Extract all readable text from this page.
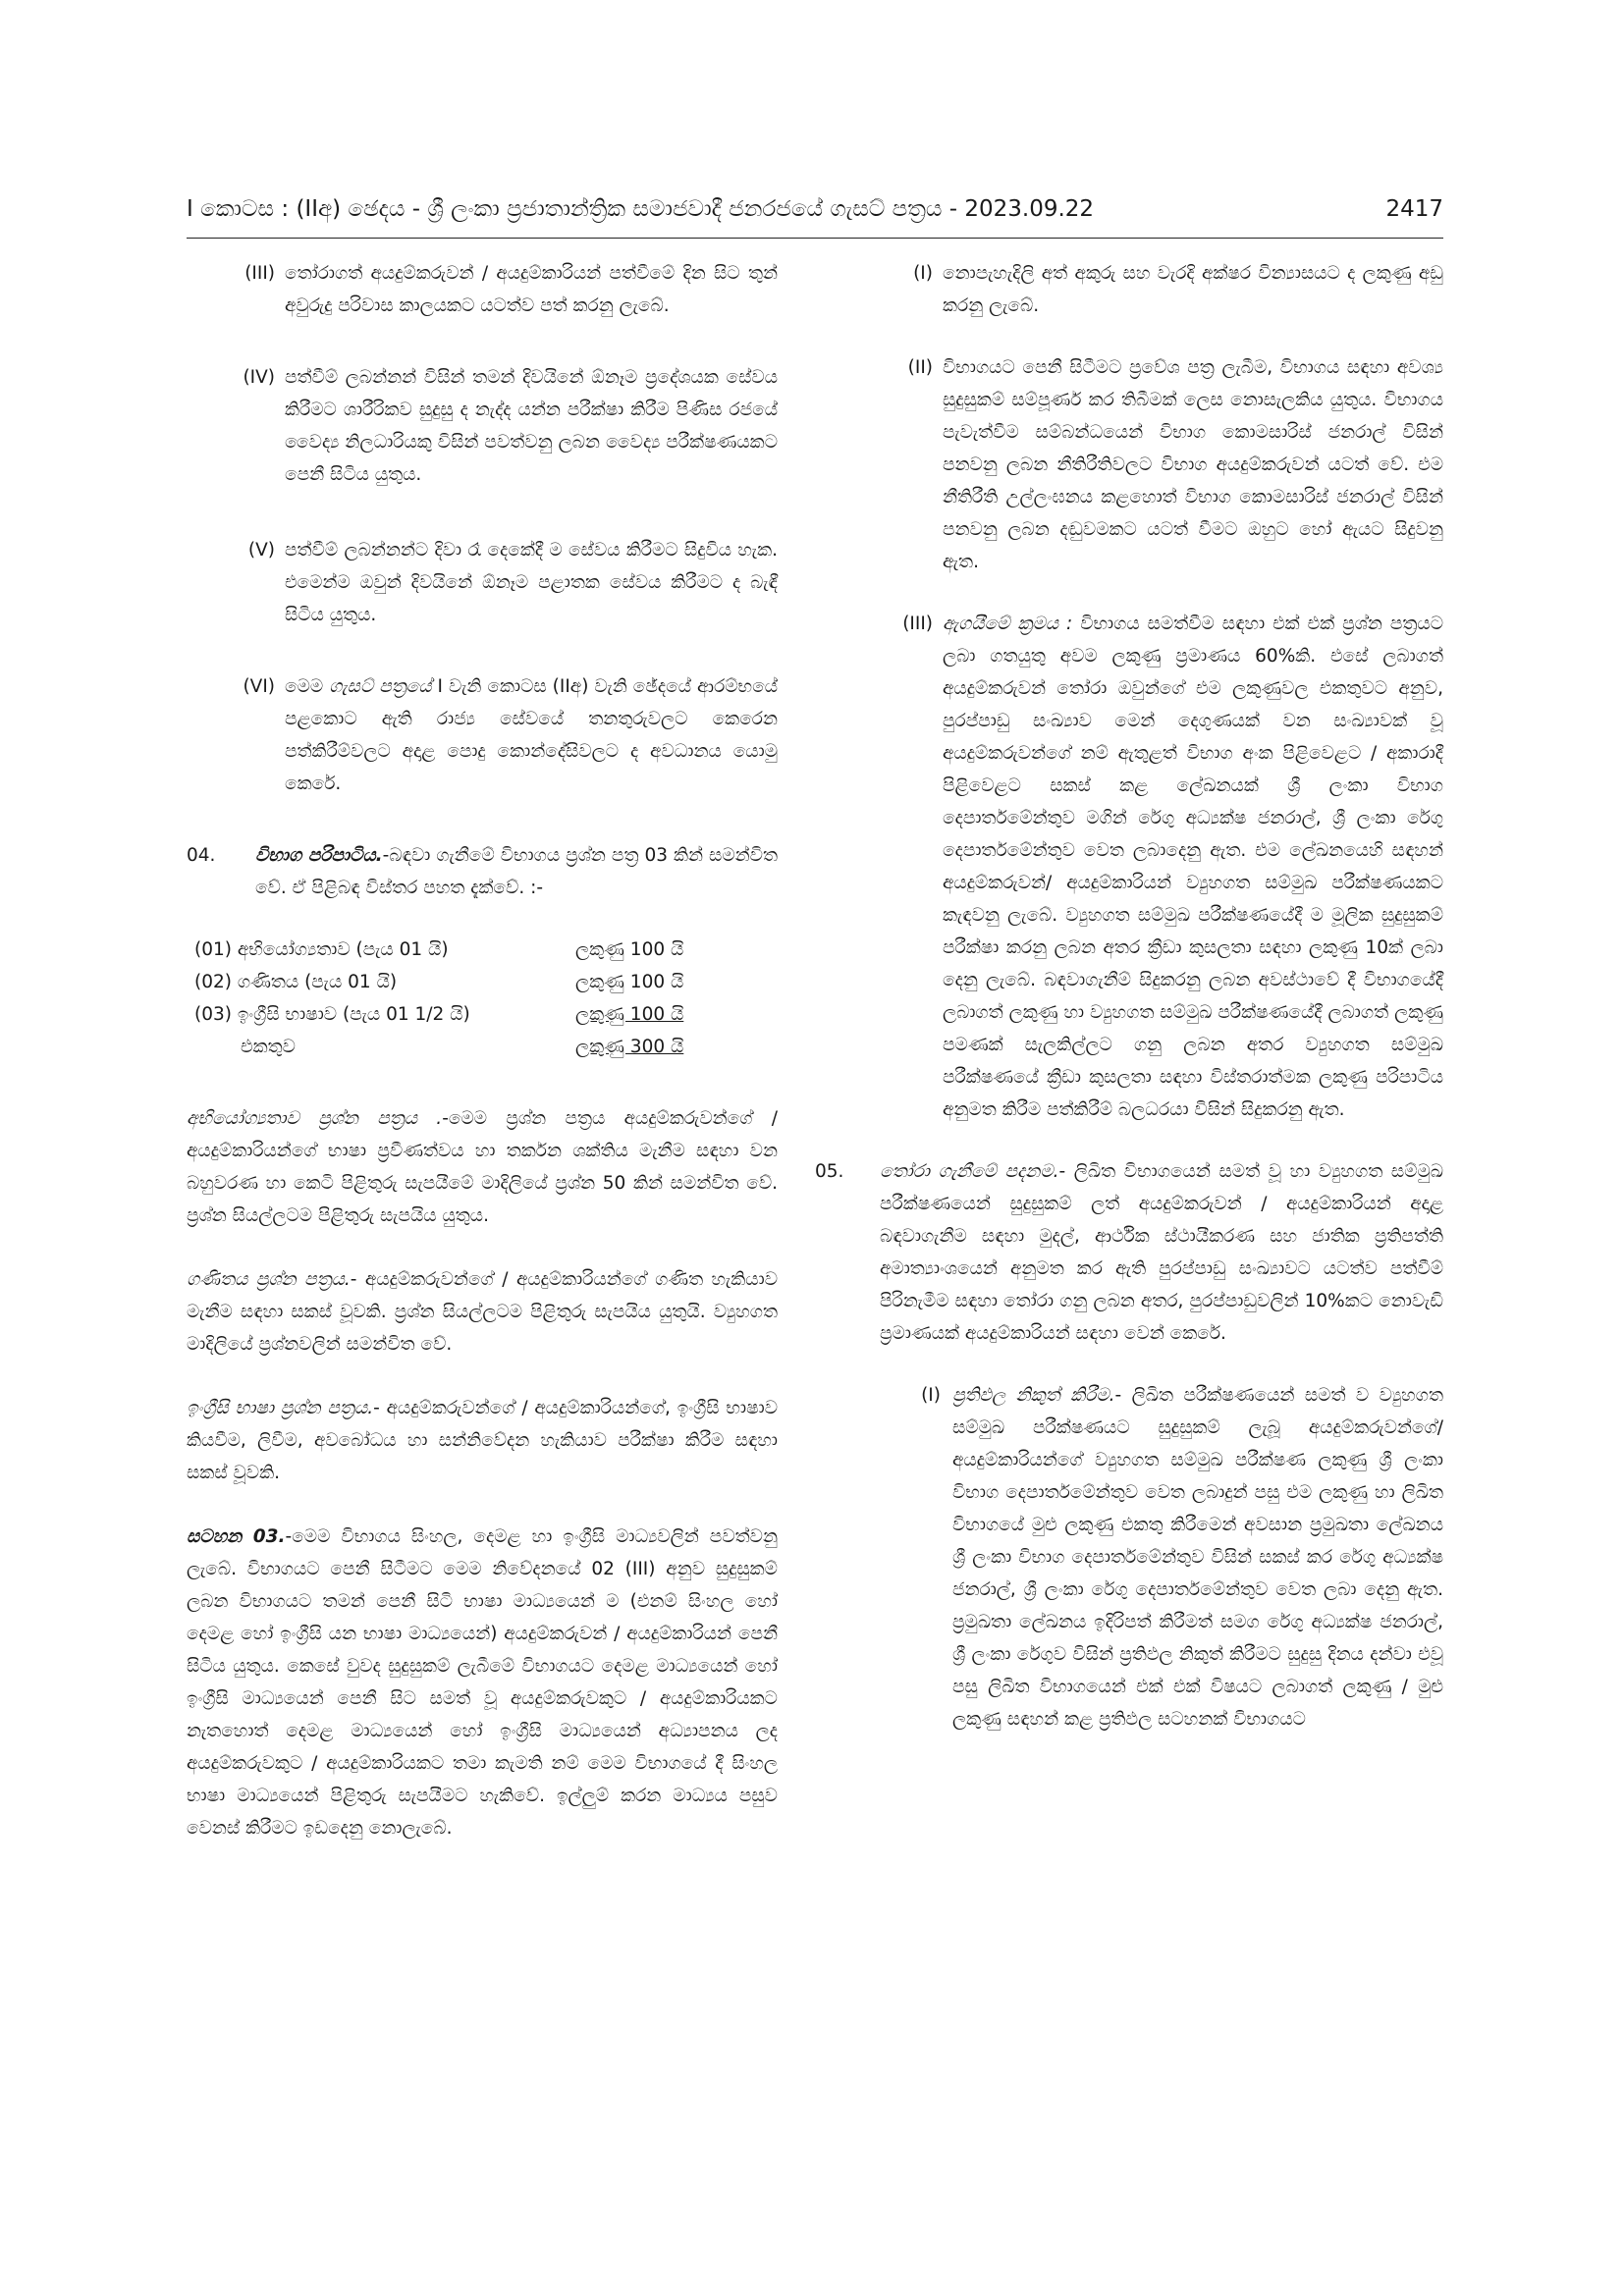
I කොටස : (IIඅ) ඡෙදය - ශ්‍රී ලංකා ප්‍රජාතාන්ත්‍රික සමාජවාදී ජනරජයේ ගැසට් පත්‍රය - 2023.09.22	2417
(III) තෝරාගත් අයදුම්කරුවන් / අයදුම්කාරියන් පත්වීමේ දින සිට තුන් අවුරුදු පරිවාස කාලයකට යටත්ව පත් කරනු ලැබේ.
(IV) පත්වීම් ලබන්නන් විසින් තමන් දිවයිනේ ඕනෑම ප්‍රදේශයක සේවය කිරීමට ශාරීරිකව සුදුසු ද නැද්ද යන්න පරීක්ෂා කිරීම පිණිස රජයේ වෛද්‍ය නිලධාරියකු විසින් පවත්වනු ලබන වෛද්‍ය පරීක්ෂණයකට පෙනී සිටිය යුතුය.
(V) පත්වීම් ලබන්නන්ට දිවා රෑ දෙකේදී ම සේවය කිරීමට සිදුවිය හැක. එමෙන්ම ඔවුන් දිවයිනේ ඕනෑම පළාතක සේවය කිරීමට ද බැඳී සිටිය යුතුය.
(VI) මෙම ගැසට් පත්‍රයේ I වැනි කොටස (IIඅ) වැනි ඡේදයේ ආරම්භයේ පළකොට ඇති රාජ්‍ය සේවයේ තනතුරුවලට කෙරෙන පත්කිරීම්වලට අදාළ පොදු කොන්දේසිවලට ද අවධානය යොමු කෙරේ.
04.	විභාග පරිපාටිය.-බඳවා ගැනීමේ විභාගය ප්‍රශ්න පත්‍ර 03 කින් සමන්විත වේ. ඒ පිළිබඳ විස්තර පහත දැක්වේ. :-
(01) අභියෝග්‍යතාව (පැය 01 යි)	ලකුණු 100 යි
(02) ගණිතය (පැය 01 යි)	ලකුණු 100 යි
(03) ඉංග්‍රීසි භාෂාව (පැය 01 1/2 යි)	ලකුණු 100 යි
එකතුව	ලකුණු 300 යි
අභියෝග්‍යතාව ප්‍රශ්න පත්‍රය .-මෙම ප්‍රශ්න පත්‍රය අයදුම්කරුවන්ගේ / අයදුම්කාරියන්ගේ භාෂා ප්‍රවීණත්වය හා තර්කන ශක්තිය මැනීම සඳහා වන බහුවරණ හා කෙටි පිළිතුරු සැපයීමේ මාදිලියේ ප්‍රශ්න 50 කින් සමන්විත වේ. ප්‍රශ්න සියල්ලටම පිළිතුරු සැපයිය යුතුය.
ගණිතය ප්‍රශ්න පත්‍රය.- අයදුම්කරුවන්ගේ / අයදුම්කාරියන්ගේ ගණිත හැකියාව මැනීම සඳහා සකස් වූවකි. ප්‍රශ්න සියල්ලටම පිළිතුරු සැපයිය යුතුයි. ව්‍යුහගත මාදිලියේ ප්‍රශ්නවලින් සමන්විත වේ.
ඉංග්‍රීසි භාෂා ප්‍රශ්න පත්‍රය.- අයදුම්කරුවන්ගේ / අයදුම්කාරියන්ගේ, ඉංග්‍රීසි භාෂාව කියවීම, ලිවීම, අවබෝධය හා සන්නිවේදන හැකියාව පරීක්ෂා කිරීම සඳහා සකස් වූවකි.
සටහන 03.-මෙම විභාගය සිංහල, දෙමළ හා ඉංග්‍රීසි මාධ්‍යවලින් පවත්වනු ලැබේ. විභාගයට පෙනී සිටීමට මෙම නිවේදනයේ 02 (III) අනුව සුදුසුකම් ලබන විභාගයට තමන් පෙනී සිටි භාෂා මාධ්‍යයෙන් ම (එනම් සිංහල හෝ දෙමළ හෝ ඉංග්‍රීසි යන භාෂා මාධ්‍යයෙන්) අයදුම්කරුවන් / අයදුම්කාරියන් පෙනී සිටිය යුතුය. කෙසේ වුවද සුදුසුකම් ලැබීමේ විභාගයට දෙමළ මාධ්‍යයෙන් හෝ ඉංග්‍රීසි මාධ්‍යයෙන් පෙනී සිට සමත් වූ අයදුම්කරුවකුට / අයදුම්කාරියකට නැතහොත් දෙමළ මාධ්‍යයෙන් හෝ ඉංග්‍රීසි මාධ්‍යයෙන් අධ්‍යාපනය ලද අයදුම්කරුවකුට / අයදුම්කාරියකට තමා කැමති නම් මෙම විභාගයේ දී සිංහල භාෂා මාධ්‍යයෙන් පිළිතුරු සැපයීමට හැකිවේ. ඉල්ලුම් කරන මාධ්‍යය පසුව වෙනස් කිරීමට ඉඩදෙනු නොලැබේ.
(I) නොපැහැදිලි අත් අකුරු සහ වැරදි අක්ෂර වින්‍යාසයට ද ලකුණු අඩු කරනු ලැබේ.
(II) විභාගයට පෙනී සිටීමට ප්‍රවේශ පත්‍ර ලැබීම, විභාගය සඳහා අවශ්‍ය සුදුසුකම් සම්පූර්ණ කර තිබීමක් ලෙස නොසැලකිය යුතුය. විභාගය පැවැත්වීම සම්බන්ධයෙන් විභාග කොමසාරිස් ජනරාල් විසින් පනවනු ලබන නීතිරීතිවලට විභාග අයදුම්කරුවන් යටත් වේ. එම නීතිරීති උල්ලංඝනය කළහොත් විභාග කොමසාරිස් ජනරාල් විසින් පනවනු ලබන දඬුවමකට යටත් වීමට ඔහුට හෝ ඇයට සිදුවනු ඇත.
(III) ඇගයීමේ ක්‍රමය : විභාගය සමත්වීම සඳහා එක් එක් ප්‍රශ්න පත්‍රයට ලබා ගතයුතු අවම ලකුණු ප්‍රමාණය 60%කි. එසේ ලබාගත් අයදුම්කරුවන් තෝරා ඔවුන්ගේ එම ලකුණුවල එකතුවට අනුව, පුරප්පාඩු සංඛ්‍යාව මෙන් දෙගුණයක් වන සංඛ්‍යාවක් වූ අයදුම්කරුවන්ගේ නම් ඇතුළත් විභාග අංක පිළිවෙළට / අකාරාදී පිළිවෙළට සකස් කළ ලේඛනයක් ශ්‍රී ලංකා විභාග දෙපාර්තමේන්තුව මගින් රේගු අධ්‍යක්ෂ ජනරාල්, ශ්‍රී ලංකා රේගු දෙපාර්තමේන්තුව වෙත ලබාදෙනු ඇත. එම ලේඛනයෙහි සඳහන් අයදුම්කරුවන්/ අයදුම්කාරියන් ව්‍යුහගත සම්මුඛ පරීක්ෂණයකට කැඳවනු ලැබේ. ව්‍යුහගත සම්මුඛ පරීක්ෂණයේදී ම මූලික සුදුසුකම් පරීක්ෂා කරනු ලබන අතර ක්‍රීඩා කුසලතා සඳහා ලකුණු 10ක් ලබා දෙනු ලැබේ. බඳවාගැනීම් සිදුකරනු ලබන අවස්ථාවේ දී විභාගයේදී ලබාගත් ලකුණු හා ව්‍යුහගත සම්මුඛ පරීක්ෂණයේදී ලබාගත් ලකුණු පමණක් සැලකිල්ලට ගනු ලබන අතර ව්‍යුහගත සම්මුඛ පරීක්ෂණයේ ක්‍රීඩා කුසලතා සඳහා විස්තරාත්මක ලකුණු පරිපාටිය අනුමත කිරීම පත්කිරීම් බලධරයා විසින් සිදුකරනු ඇත.
05.	තෝරා ගැනීමේ පදනම.- ලිඛිත විභාගයෙන් සමත් වූ හා ව්‍යුහගත සම්මුඛ පරීක්ෂණයෙන් සුදුසුකම් ලත් අයදුම්කරුවන් / අයදුම්කාරියන් අදාළ බඳවාගැනීම සඳහා මුදල්, ආර්ථික ස්ථායීකරණ සහ ජාතික ප්‍රතිපත්ති අමාත්‍යාංශයෙන් අනුමත කර ඇති පුරප්පාඩු සංඛ්‍යාවට යටත්ව පත්වීම් පිරිනැමීම සඳහා තෝරා ගනු ලබන අතර, පුරප්පාඩුවලින් 10%කට නොවැඩි ප්‍රමාණයක් අයදුම්කාරියන් සඳහා වෙන් කෙරේ.
(I) ප්‍රතිඵල නිකුත් කිරීම.- ලිඛිත පරීක්ෂණයෙන් සමත් ව ව්‍යුහගත සම්මුඛ පරීක්ෂණයට සුදුසුකම් ලැබූ අයදුම්කරුවන්ගේ/අයදුම්කාරියන්ගේ ව්‍යුහගත සම්මුඛ පරීක්ෂණ ලකුණු ශ්‍රී ලංකා විභාග දෙපාර්තමේන්තුව වෙත ලබාදුන් පසු එම ලකුණු හා ලිඛිත විභාගයේ මුළු ලකුණු එකතු කිරීමෙන් අවසාන ප්‍රමුඛතා ලේඛනය ශ්‍රී ලංකා විභාග දෙපාර්තමේන්තුව විසින් සකස් කර රේගු අධ්‍යක්ෂ ජනරාල්, ශ්‍රී ලංකා රේගු දෙපාර්තමේන්තුව වෙත ලබා දෙනු ඇත. ප්‍රමුඛතා ලේඛනය ඉදිරිපත් කිරීමත් සමග රේගු අධ්‍යක්ෂ ජනරාල්, ශ්‍රී ලංකා රේගුව විසින් ප්‍රතිඵල නිකුත් කිරීමට සුදුසු දිනය දන්වා එවූ පසු ලිඛිත විභාගයෙන් එක් එක් විෂයට ලබාගත් ලකුණු / මුළු ලකුණු සඳහන් කළ ප්‍රතිඵල සටහනක් විභාගයට
